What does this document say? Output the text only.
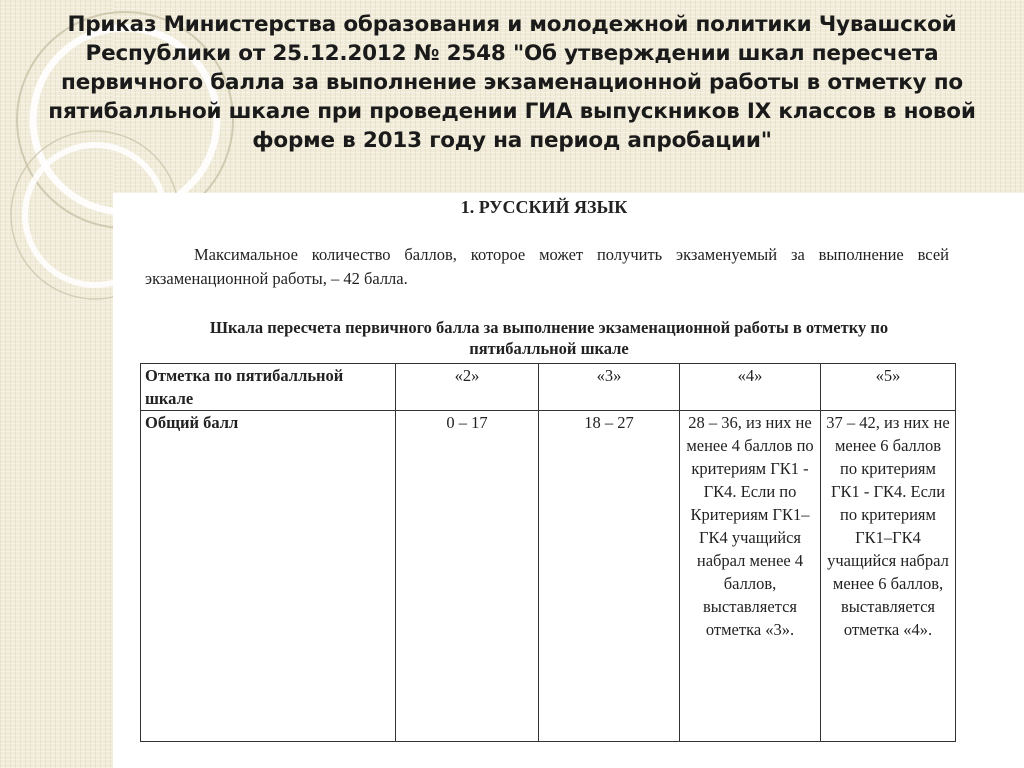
Приказ Министерства образования и молодежной политики Чувашской Республики от 25.12.2012 № 2548 "Об утверждении шкал пересчета первичного балла за выполнение экзаменационной работы в отметку по пятибалльной шкале при проведении ГИА выпускников IX классов в новой форме в 2013 году на период апробации"
1. РУССКИЙ ЯЗЫК

Максимальное количество баллов, которое может получить экзаменуемый за выполнение всей экзаменационной работы, – 42 балла.

Шкала пересчета первичного балла за выполнение экзаменационной работы в отметку по пятибалльной шкале

Отметка по пятибалльной шкале	«2»	«3»	«4»	«5»
Общий балл	0 – 17	18 – 27	28 – 36, из них не менее 4 баллов по критериям ГК1 - ГК4. Если по Критериям ГК1–ГК4 учащийся набрал менее 4 баллов, выставляется отметка «3».	37 – 42, из них не менее 6 баллов по критериям ГК1 - ГК4. Если по критериям ГК1–ГК4 учащийся набрал менее 6 баллов, выставляется отметка «4».
